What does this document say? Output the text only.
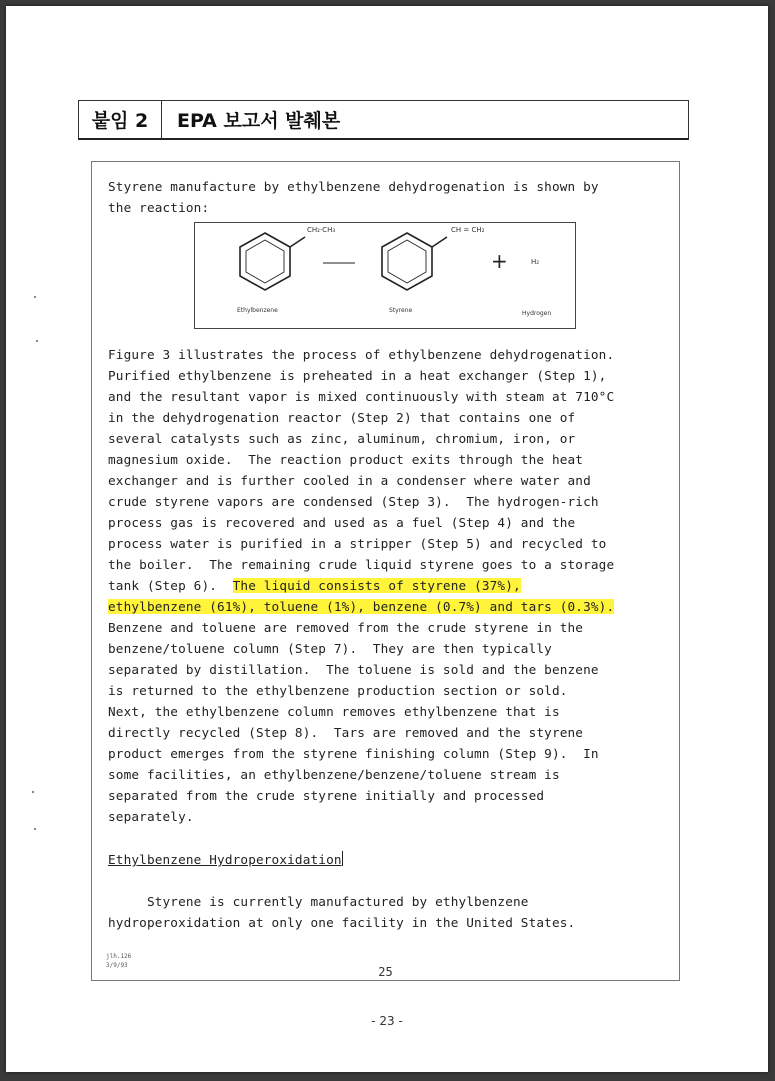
붙임 2	EPA 보고서 발췌본
Styrene manufacture by ethylbenzene dehydrogenation is shown by
the reaction:
CH₂·CH₃	CH = CH₂
+	H₂
Ethylbenzene	Styrene	Hydrogen
Figure 3 illustrates the process of ethylbenzene dehydrogenation.
Purified ethylbenzene is preheated in a heat exchanger (Step 1),
and the resultant vapor is mixed continuously with steam at 710°C
in the dehydrogenation reactor (Step 2) that contains one of
several catalysts such as zinc, aluminum, chromium, iron, or
magnesium oxide.  The reaction product exits through the heat
exchanger and is further cooled in a condenser where water and
crude styrene vapors are condensed (Step 3).  The hydrogen-rich
process gas is recovered and used as a fuel (Step 4) and the
process water is purified in a stripper (Step 5) and recycled to
the boiler.  The remaining crude liquid styrene goes to a storage
tank (Step 6).  The liquid consists of styrene (37%),
ethylbenzene (61%), toluene (1%), benzene (0.7%) and tars (0.3%).
Benzene and toluene are removed from the crude styrene in the
benzene/toluene column (Step 7).  They are then typically
separated by distillation.  The toluene is sold and the benzene
is returned to the ethylbenzene production section or sold.
Next, the ethylbenzene column removes ethylbenzene that is
directly recycled (Step 8).  Tars are removed and the styrene
product emerges from the styrene finishing column (Step 9).  In
some facilities, an ethylbenzene/benzene/toluene stream is
separated from the crude styrene initially and processed
separately.
Ethylbenzene Hydroperoxidation
Styrene is currently manufactured by ethylbenzene
hydroperoxidation at only one facility in the United States.
jlh.126
3/9/93	25
- 23 -
